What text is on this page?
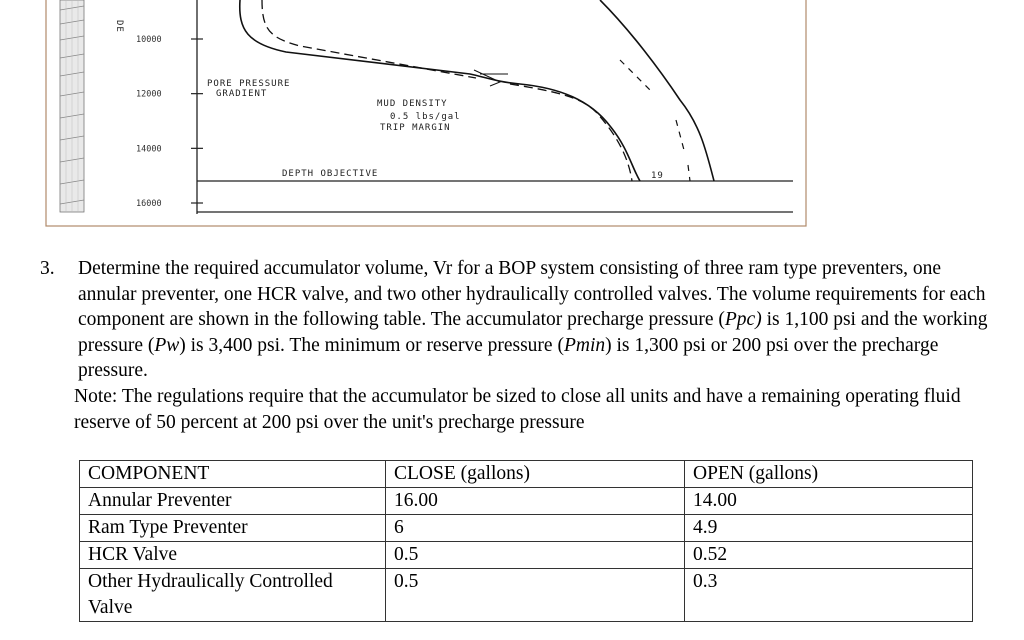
DE
10000
12000
14000
16000
PORE PRESSURE
GRADIENT
MUD DENSITY
0.5 lbs/gal
TRIP MARGIN
DEPTH OBJECTIVE	19
3. Determine the required accumulator volume, Vr for a BOP system consisting of three ram type preventers, one annular preventer, one HCR valve, and two other hydraulically controlled valves. The volume requirements for each component are shown in the following table. The accumulator precharge pressure (Ppc) is 1,100 psi and the working pressure (Pw) is 3,400 psi. The minimum or reserve pressure (Pmin) is 1,300 psi or 200 psi over the precharge pressure.
Note: The regulations require that the accumulator be sized to close all units and have a remaining operating fluid reserve of 50 percent at 200 psi over the unit's precharge pressure
COMPONENT	CLOSE (gallons)	OPEN (gallons)
Annular Preventer	16.00	14.00
Ram Type Preventer	6	4.9
HCR Valve	0.5	0.52
Other Hydraulically Controlled Valve	0.5	0.3
